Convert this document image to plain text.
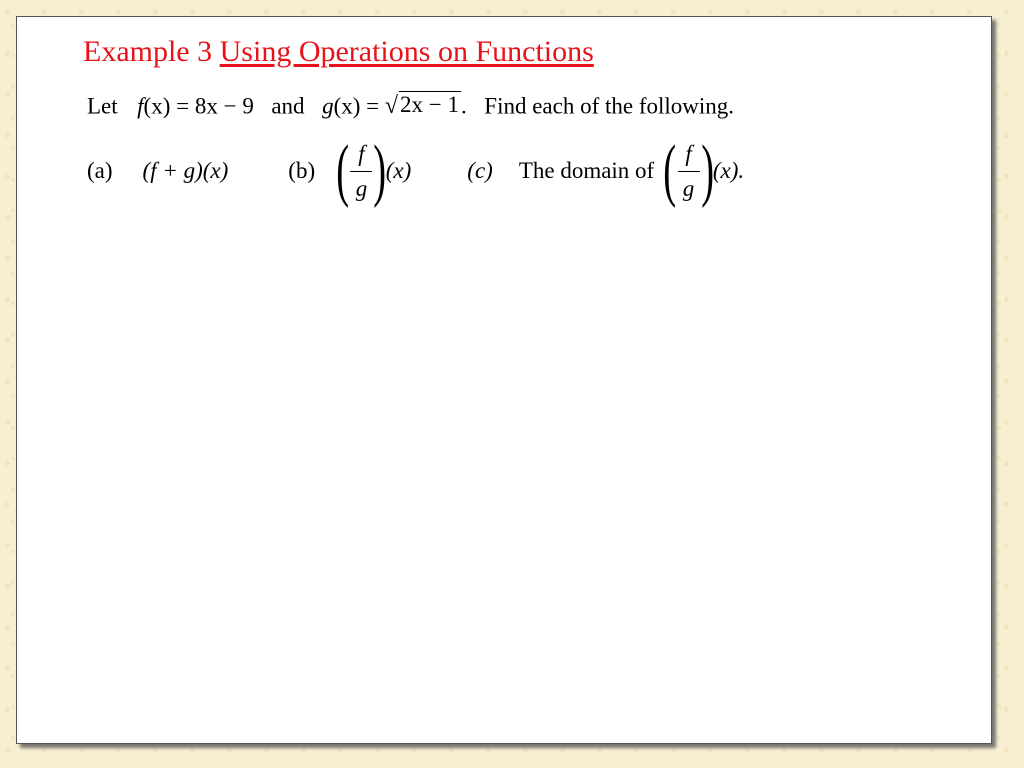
Example 3 Using Operations on Functions
Let f(x) = 8x − 9 and g(x) = √ 2x − 1 . Find each of the following.
(a) (f + g)(x)	(b) ( $\frac{f}{g}$ ) (x) (c) The domain of ( $\frac{f}{g}$ ) (x).
